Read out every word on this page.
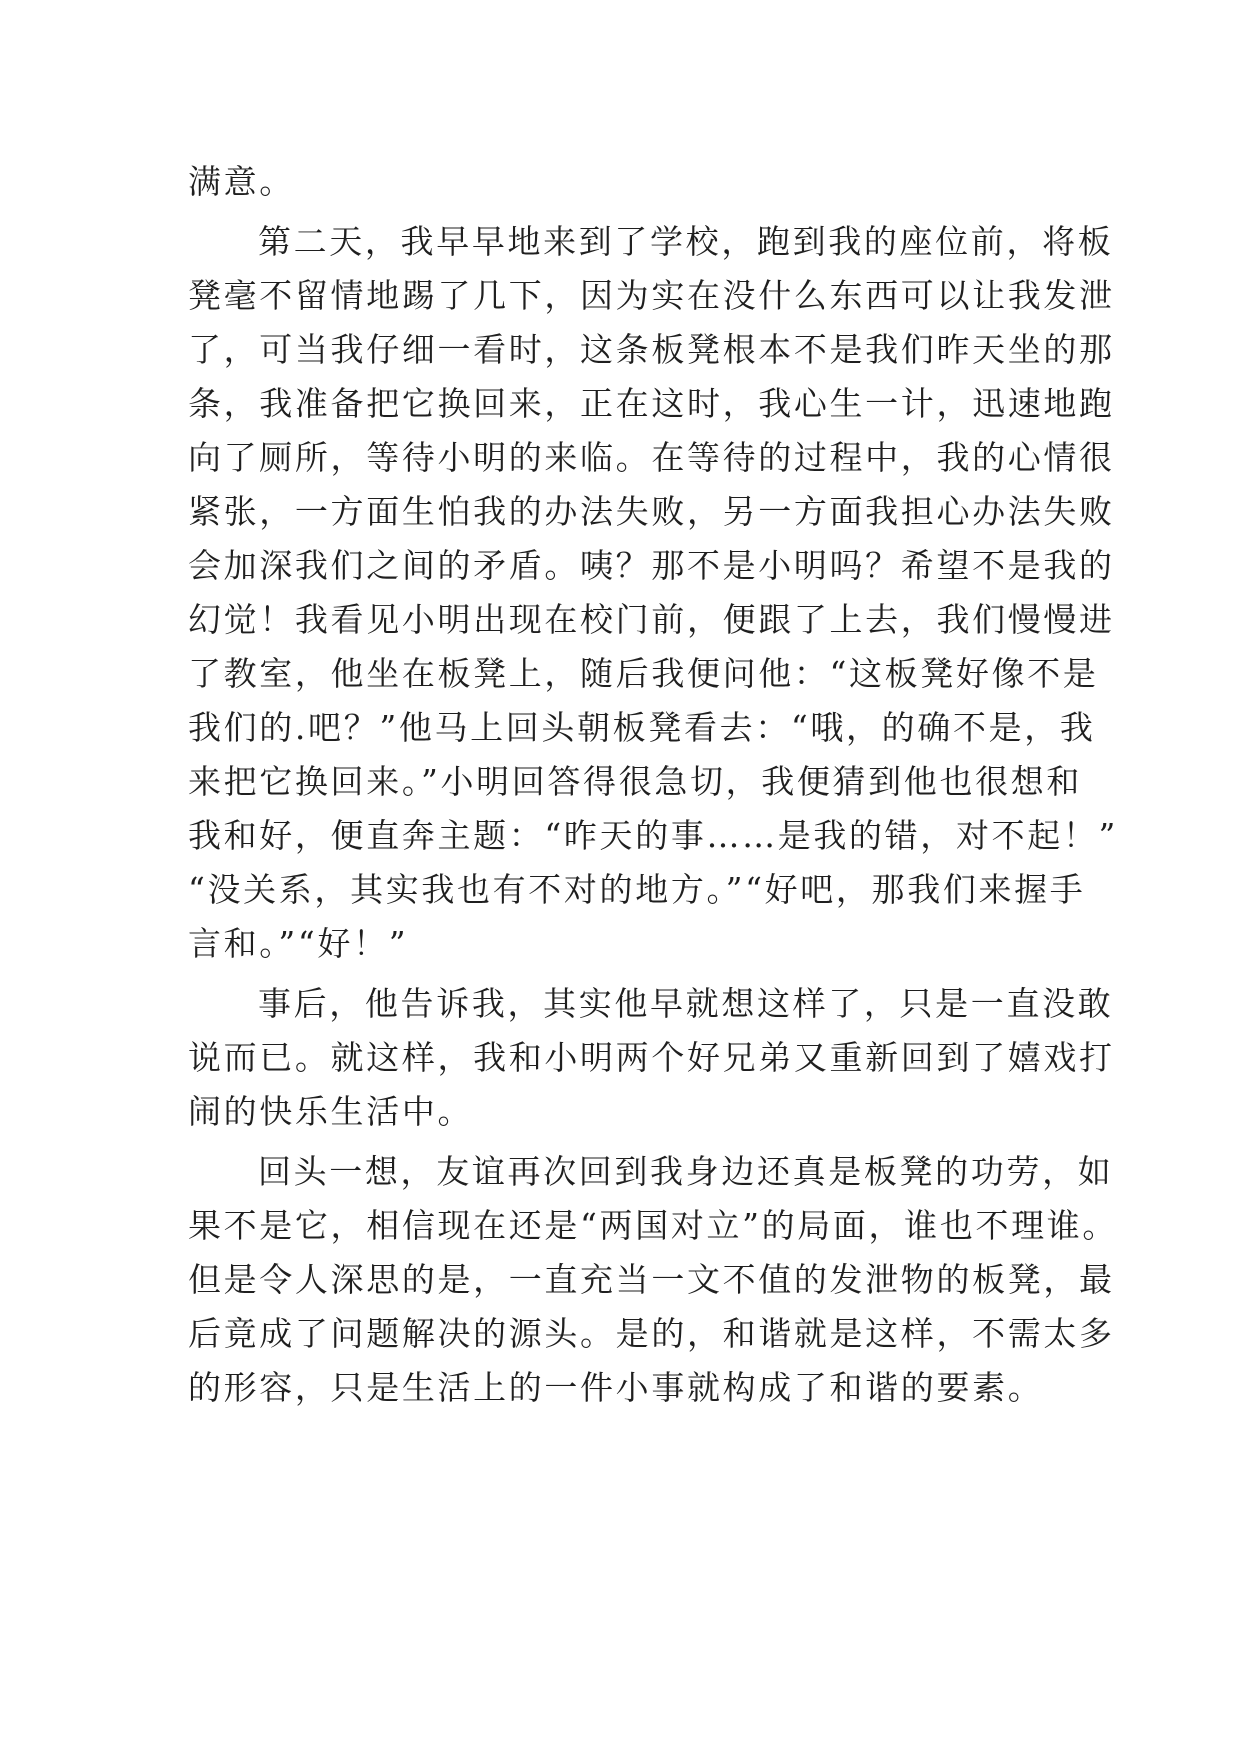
满意。

第二天，我早早地来到了学校，跑到我的座位前，将板

凳毫不留情地踢了几下，因为实在没什么东西可以让我发泄

了，可当我仔细一看时，这条板凳根本不是我们昨天坐的那

条，我准备把它换回来，正在这时，我心生一计，迅速地跑

向了厕所，等待小明的来临。在等待的过程中，我的心情很

紧张，一方面生怕我的办法失败，另一方面我担心办法失败

会加深我们之间的矛盾。咦？那不是小明吗？希望不是我的

幻觉！我看见小明出现在校门前，便跟了上去，我们慢慢进

了教室，他坐在板凳上，随后我便问他：“这板凳好像不是

我们的.吧？”他马上回头朝板凳看去：“哦，的确不是，我

来把它换回来。”小明回答得很急切，我便猜到他也很想和

我和好，便直奔主题：“昨天的事……是我的错，对不起！”

“没关系，其实我也有不对的地方。”“好吧，那我们来握手

言和。”“好！”

事后，他告诉我，其实他早就想这样了，只是一直没敢

说而已。就这样，我和小明两个好兄弟又重新回到了嬉戏打

闹的快乐生活中。

回头一想，友谊再次回到我身边还真是板凳的功劳，如

果不是它，相信现在还是“两国对立”的局面，谁也不理谁。

但是令人深思的是，一直充当一文不值的发泄物的板凳，最

后竟成了问题解决的源头。是的，和谐就是这样，不需太多

的形容，只是生活上的一件小事就构成了和谐的要素。
